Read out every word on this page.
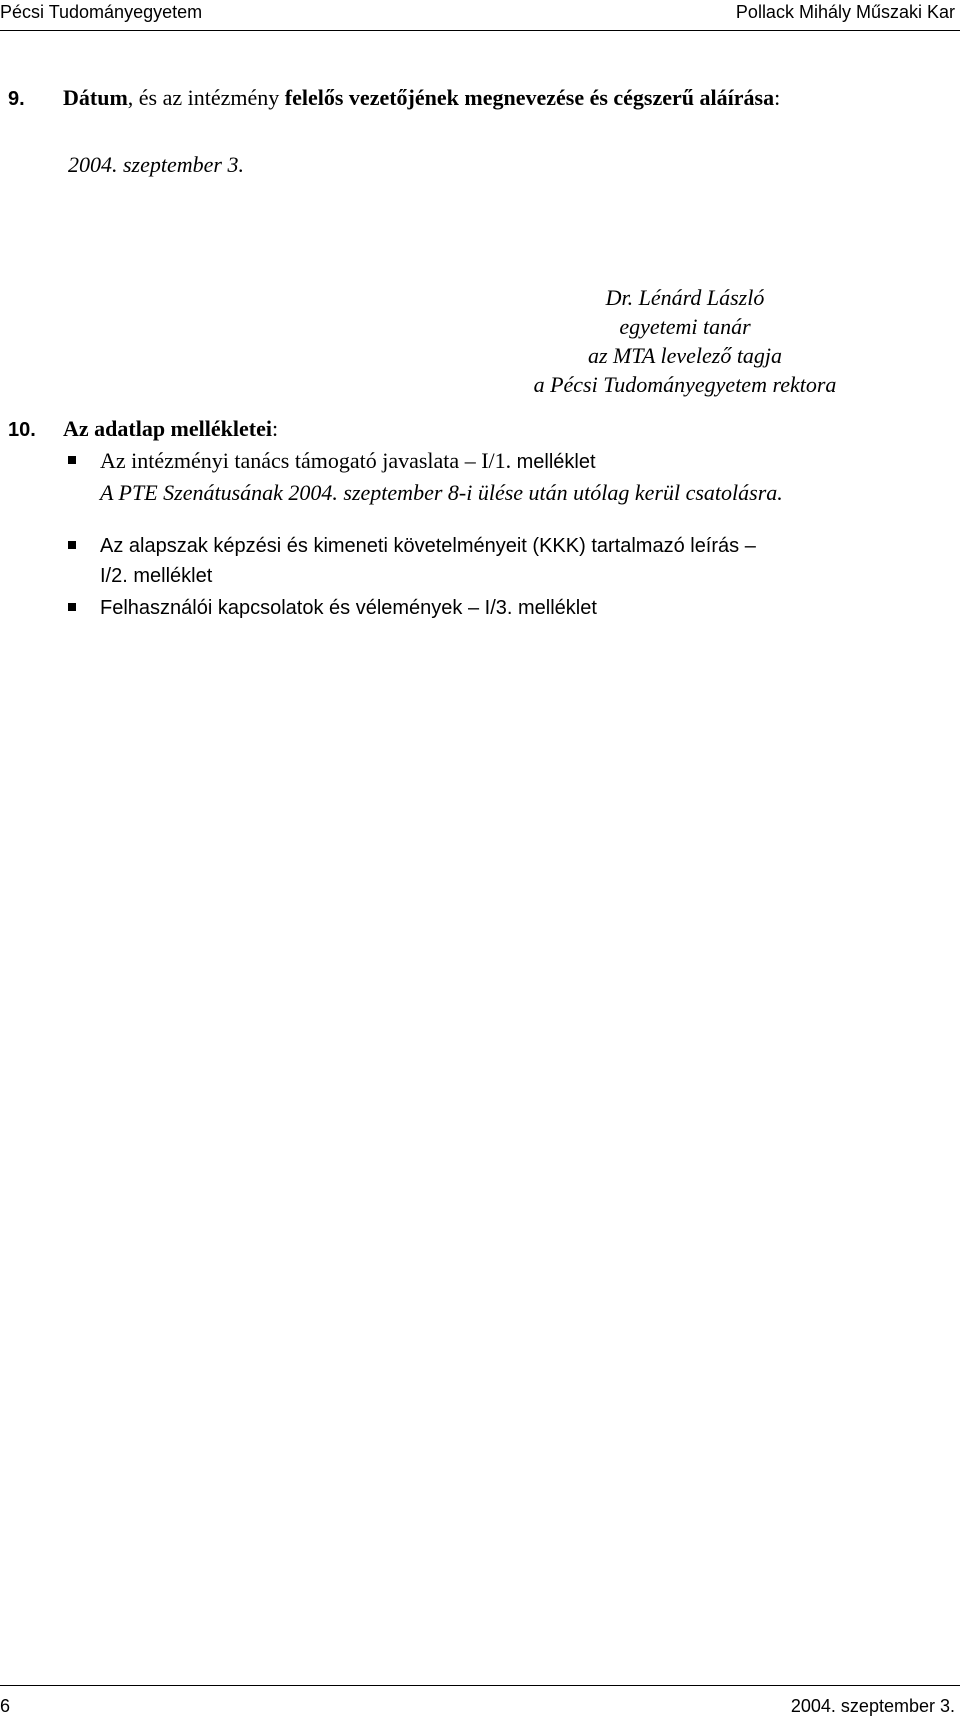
Pécsi Tudományegyetem	Pollack Mihály Műszaki Kar
9. Dátum, és az intézmény felelős vezetőjének megnevezése és cégszerű aláírása:
2004. szeptember 3.
Dr. Lénárd László
egyetemi tanár
az MTA levelező tagja
a Pécsi Tudományegyetem rektora
10. Az adatlap mellékletei:
Az intézményi tanács támogató javaslata – I/1. melléklet
A PTE Szenátusának 2004. szeptember 8-i ülése után utólag kerül csatolásra.
Az alapszak képzési és kimeneti követelményeit (KKK) tartalmazó leírás –
I/2. melléklet
Felhasználói kapcsolatok és vélemények – I/3. melléklet
6	2004. szeptember 3.
